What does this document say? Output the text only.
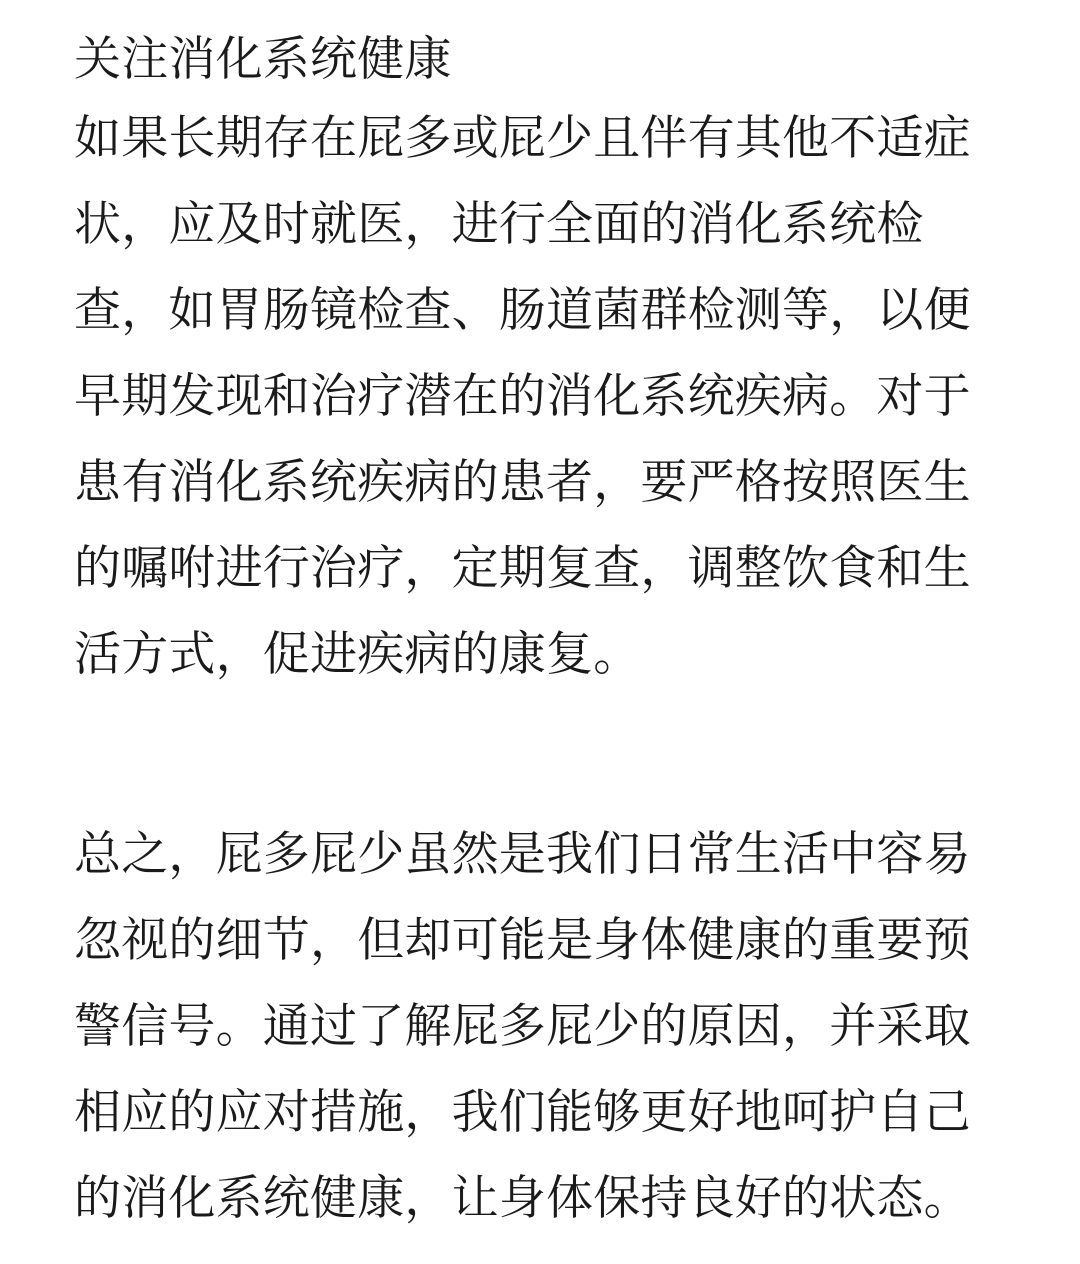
关注消化系统健康
如果长期存在屁多或屁少且伴有其他不适症
状，应及时就医，进行全面的消化系统检
查，如胃肠镜检查、肠道菌群检测等，以便
早期发现和治疗潜在的消化系统疾病。对于
患有消化系统疾病的患者，要严格按照医生
的嘱咐进行治疗，定期复查，调整饮食和生
活方式，促进疾病的康复。
总之，屁多屁少虽然是我们日常生活中容易
忽视的细节，但却可能是身体健康的重要预
警信号。通过了解屁多屁少的原因，并采取
相应的应对措施，我们能够更好地呵护自己
的消化系统健康，让身体保持良好的状态。
